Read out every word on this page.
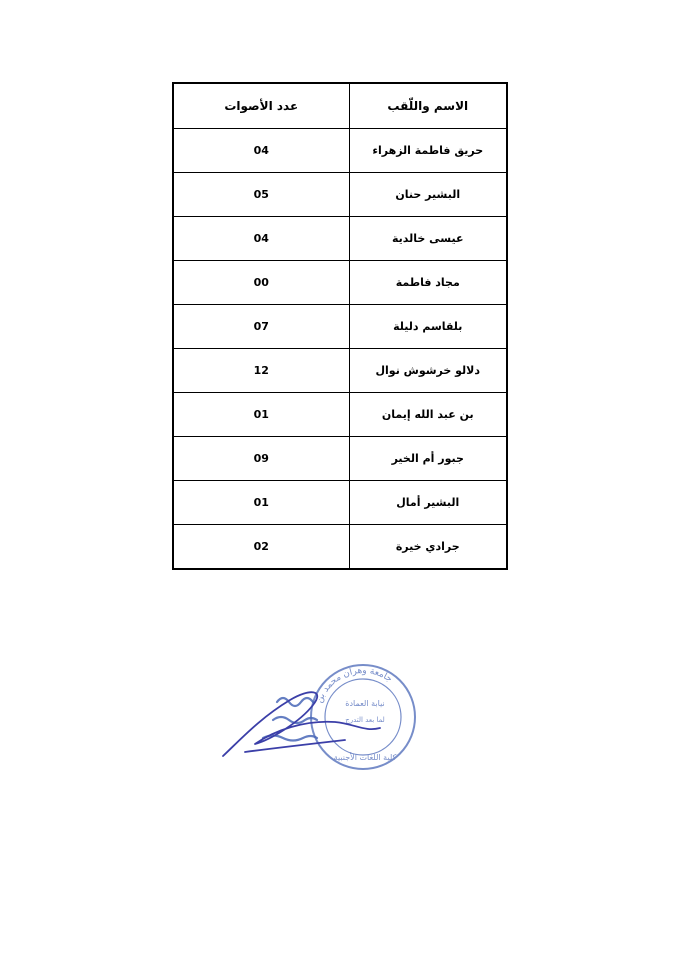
الاسم واللّقب	عدد الأصوات
حريق فاطمة الزهراء	04
البشير حنان	05
عيسى خالدية	04
مجاد فاطمة	00
بلقاسم دليلة	07
دلالو خرشوش نوال	12
بن عبد الله إيمان	01
جبور أم الخير	09
البشير أمال	01
جرادي خيرة	02
جامعة وهران محمد بن
نيابة العمادة
لما بعد التدرج
كلية اللغات الأجنبية
